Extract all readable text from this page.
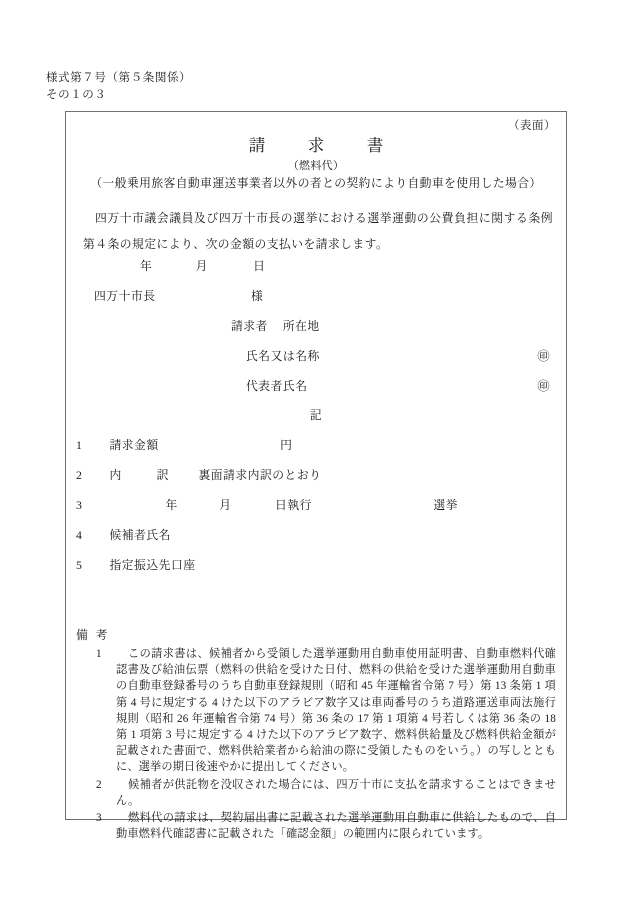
様式第７号（第５条関係）
その１の３
（表面）
請　求　書
（燃料代）
（一般乗用旅客自動車運送事業者以外の者との契約により自動車を使用した場合）
四万十市議会議員及び四万十市長の選挙における選挙運動の公費負担に関する条例第４条の規定により、次の金額の支払いを請求します。
年	月	日
四万十市長	様
請求者 所在地
氏名又は名称	㊞
代表者氏名	㊞
記
1 請求金額	円
2 内	訳 裏面請求内訳のとおり
3	年	月	日執行	選挙
4 候補者氏名
5 指定振込先口座
備考
1	この請求書は、候補者から受領した選挙運動用自動車使用証明書、自動車燃料代確認書及び給油伝票（燃料の供給を受けた日付、燃料の供給を受けた選挙運動用自動車の自動車登録番号のうち自動車登録規則（昭和 45 年運輸省令第 7 号）第 13 条第 1 項第 4 号に規定する 4 けた以下のアラビア数字又は車両番号のうち道路運送車両法施行規則（昭和 26 年運輸省令第 74 号）第 36 条の 17 第 1 項第 4 号若しくは第 36 条の 18 第 1 項第 3 号に規定する 4 けた以下のアラビア数字、燃料供給量及び燃料供給金額が記載された書面で、燃料供給業者から給油の際に受領したものをいう。）の写しとともに、選挙の期日後速やかに提出してください。
2	候補者が供託物を没収された場合には、四万十市に支払を請求することはできません。
3	燃料代の請求は、契約届出書に記載された選挙運動用自動車に供給したもので、自動車燃料代確認書に記載された「確認金額」の範囲内に限られています。
